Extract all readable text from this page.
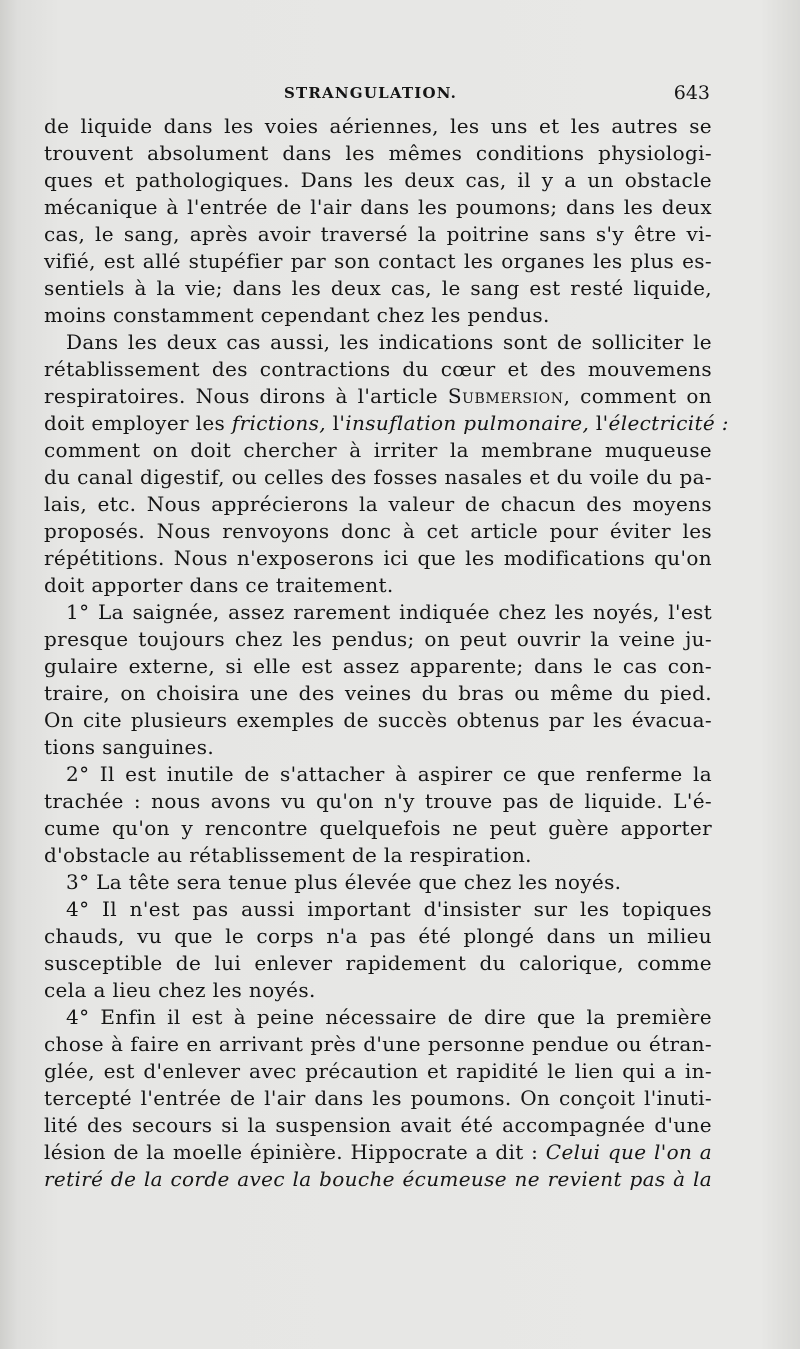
STRANGULATION.	643
de liquide dans les voies aériennes, les uns et les autres se
trouvent absolument dans les mêmes conditions physiologi-
ques et pathologiques. Dans les deux cas, il y a un obstacle
mécanique à l'entrée de l'air dans les poumons; dans les deux
cas, le sang, après avoir traversé la poitrine sans s'y être vi-
vifié, est allé stupéfier par son contact les organes les plus es-
sentiels à la vie; dans les deux cas, le sang est resté liquide,
moins constamment cependant chez les pendus.
Dans les deux cas aussi, les indications sont de solliciter le
rétablissement des contractions du cœur et des mouvemens
respiratoires. Nous dirons à l'article Submersion, comment on
doit employer les frictions, l'insuflation pulmonaire, l'électricité :
comment on doit chercher à irriter la membrane muqueuse
du canal digestif, ou celles des fosses nasales et du voile du pa-
lais, etc. Nous apprécierons la valeur de chacun des moyens
proposés. Nous renvoyons donc à cet article pour éviter les
répétitions. Nous n'exposerons ici que les modifications qu'on
doit apporter dans ce traitement.
1° La saignée, assez rarement indiquée chez les noyés, l'est
presque toujours chez les pendus; on peut ouvrir la veine ju-
gulaire externe, si elle est assez apparente; dans le cas con-
traire, on choisira une des veines du bras ou même du pied.
On cite plusieurs exemples de succès obtenus par les évacua-
tions sanguines.
2° Il est inutile de s'attacher à aspirer ce que renferme la
trachée : nous avons vu qu'on n'y trouve pas de liquide. L'é-
cume qu'on y rencontre quelquefois ne peut guère apporter
d'obstacle au rétablissement de la respiration.
3° La tête sera tenue plus élevée que chez les noyés.
4° Il n'est pas aussi important d'insister sur les topiques
chauds, vu que le corps n'a pas été plongé dans un milieu
susceptible de lui enlever rapidement du calorique, comme
cela a lieu chez les noyés.
4° Enfin il est à peine nécessaire de dire que la première
chose à faire en arrivant près d'une personne pendue ou étran-
glée, est d'enlever avec précaution et rapidité le lien qui a in-
tercepté l'entrée de l'air dans les poumons. On conçoit l'inuti-
lité des secours si la suspension avait été accompagnée d'une
lésion de la moelle épinière. Hippocrate a dit : Celui que l'on a
retiré de la corde avec la bouche écumeuse ne revient pas à la
